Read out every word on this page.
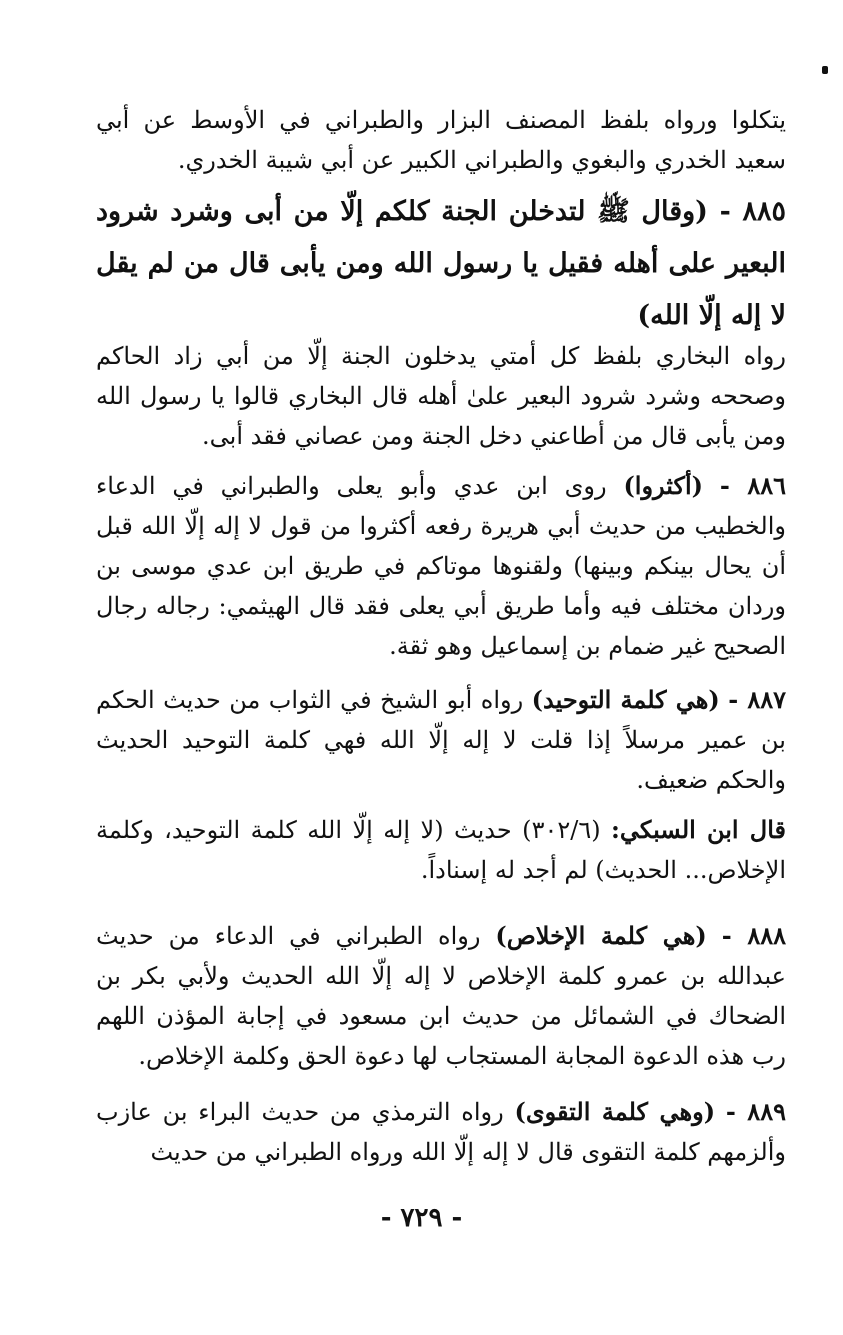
يتكلوا ورواه بلفظ المصنف البزار والطبراني في الأوسط عن أبي سعيد الخدري والبغوي والطبراني الكبير عن أبي شيبة الخدري.
٨٨٥ - (وقال ﷺ لتدخلن الجنة كلكم إلّا من أبى وشرد شرود البعير على أهله فقيل يا رسول الله ومن يأبى قال من لم يقل لا إله إلّا الله)
رواه البخاري بلفظ كل أمتي يدخلون الجنة إلّا من أبي زاد الحاكم وصححه وشرد شرود البعير علىٰ أهله قال البخاري قالوا يا رسول الله ومن يأبى قال من أطاعني دخل الجنة ومن عصاني فقد أبى.
٨٨٦ - (أكثروا) روى ابن عدي وأبو يعلى والطبراني في الدعاء والخطيب من حديث أبي هريرة رفعه أكثروا من قول لا إله إلّا الله قبل أن يحال بينكم وبينها) ولقنوها موتاكم في طريق ابن عدي موسى بن وردان مختلف فيه وأما طريق أبي يعلى فقد قال الهيثمي: رجاله رجال الصحيح غير ضمام بن إسماعيل وهو ثقة.
٨٨٧ - (هي كلمة التوحيد) رواه أبو الشيخ في الثواب من حديث الحكم بن عمير مرسلاً إذا قلت لا إله إلّا الله فهي كلمة التوحيد الحديث والحكم ضعيف.
قال ابن السبكي: (٣٠٢/٦) حديث (لا إله إلّا الله كلمة التوحيد، وكلمة الإخلاص... الحديث) لم أجد له إسناداً.
٨٨٨ - (هي كلمة الإخلاص) رواه الطبراني في الدعاء من حديث عبدالله بن عمرو كلمة الإخلاص لا إله إلّا الله الحديث ولأبي بكر بن الضحاك في الشمائل من حديث ابن مسعود في إجابة المؤذن اللهم رب هذه الدعوة المجابة المستجاب لها دعوة الحق وكلمة الإخلاص.
٨٨٩ - (وهي كلمة التقوى) رواه الترمذي من حديث البراء بن عازب وألزمهم كلمة التقوى قال لا إله إلّا الله ورواه الطبراني من حديث
- ٧٢٩ -
